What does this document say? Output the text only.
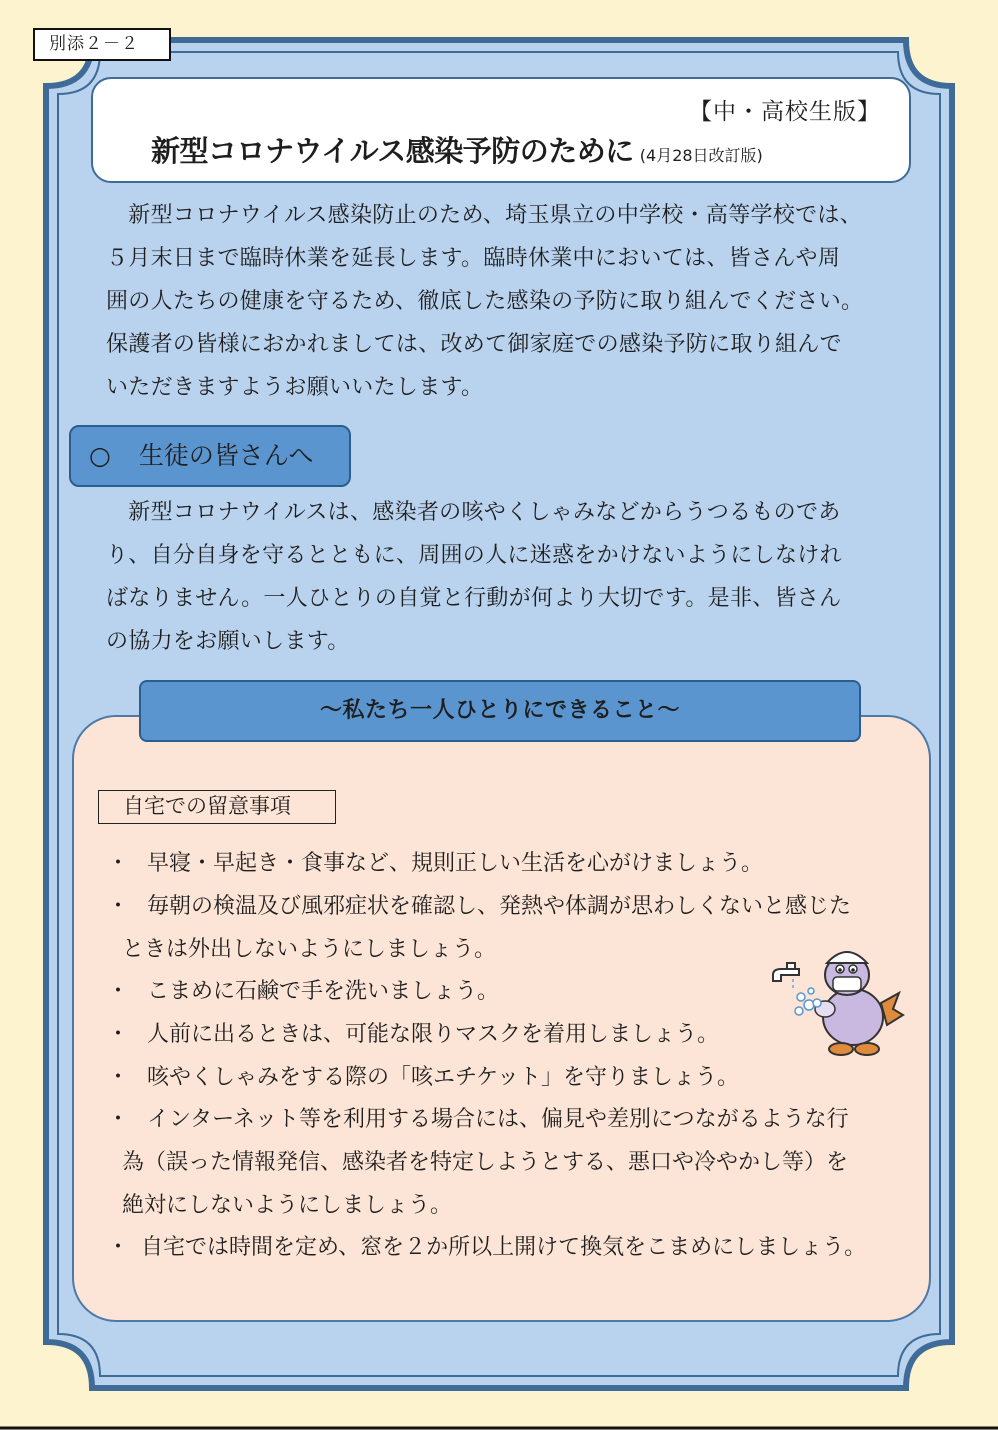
別添２－２
【中・高校生版】
新型コロナウイルス感染予防のために (4月28日改訂版)
　新型コロナウイルス感染防止のため、埼玉県立の中学校・高等学校では、
５月末日まで臨時休業を延長します。臨時休業中においては、皆さんや周
囲の人たちの健康を守るため、徹底した感染の予防に取り組んでください。
保護者の皆様におかれましては、改めて御家庭での感染予防に取り組んで
いただきますようお願いいたします。
○ 生徒の皆さんへ
　新型コロナウイルスは、感染者の咳やくしゃみなどからうつるものであ
り、自分自身を守るとともに、周囲の人に迷惑をかけないようにしなけれ
ばなりません。一人ひとりの自覚と行動が何より大切です。是非、皆さん
の協力をお願いします。
～私たち一人ひとりにできること～
自宅での留意事項
・ 早寝・早起き・食事など、規則正しい生活を心がけましょう。
・ 毎朝の検温及び風邪症状を確認し、発熱や体調が思わしくないと感じた
ときは外出しないようにしましょう。
・ こまめに石鹸で手を洗いましょう。
・ 人前に出るときは、可能な限りマスクを着用しましょう。
・ 咳やくしゃみをする際の「咳エチケット」を守りましょう。
・ インターネット等を利用する場合には、偏見や差別につながるような行
為（誤った情報発信、感染者を特定しようとする、悪口や冷やかし等）を
絶対にしないようにしましょう。
・ 自宅では時間を定め、窓を２か所以上開けて換気をこまめにしましょう。
